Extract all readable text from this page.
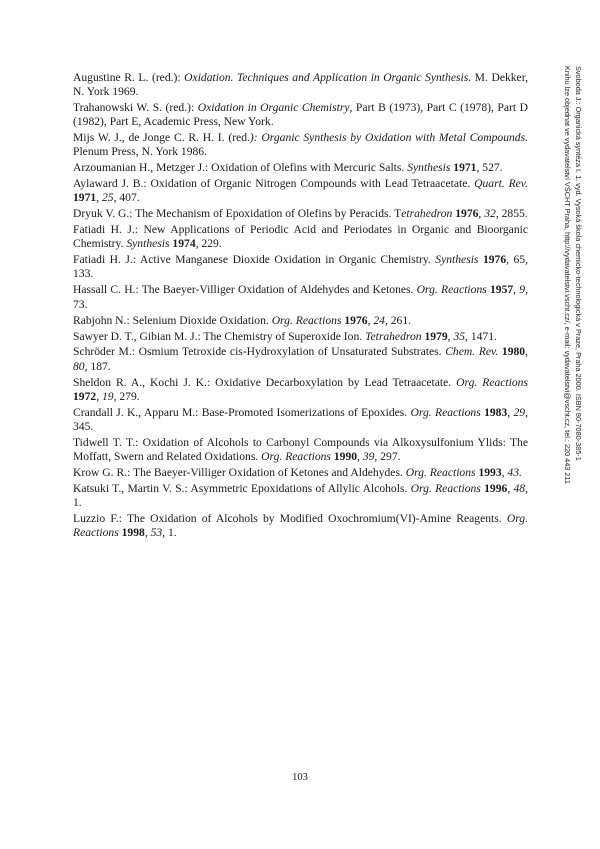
Augustine R. L. (red.): Oxidation. Techniques and Application in Organic Synthesis. M. Dekker, N. York 1969.

Trahanowski W. S. (red.): Oxidation in Organic Chemistry, Part B (1973), Part C (1978), Part D (1982), Part E, Academic Press, New York.

Mijs W. J., de Jonge C. R. H. I. (red.): Organic Synthesis by Oxidation with Metal Compounds. Plenum Press, N. York 1986.

Arzoumanian H., Metzger J.: Oxidation of Olefins with Mercuric Salts. Synthesis 1971, 527.

Aylaward J. B.: Oxidation of Organic Nitrogen Compounds with Lead Tetraacetate. Quart. Rev. 1971, 25, 407.

Dryuk V. G.: The Mechanism of Epoxidation of Olefins by Peracids. Tetrahedron 1976, 32, 2855.

Fatiadi H. J.: New Applications of Periodic Acid and Periodates in Organic and Bioorganic Chemistry. Synthesis 1974, 229.

Fatiadi H. J.: Active Manganese Dioxide Oxidation in Organic Chemistry. Synthesis 1976, 65, 133.

Hassall C. H.: The Baeyer-Villiger Oxidation of Aldehydes and Ketones. Org. Reactions 1957, 9, 73.

Rabjohn N.: Selenium Dioxide Oxidation. Org. Reactions 1976, 24, 261.

Sawyer D. T., Gibian M. J.: The Chemistry of Superoxide Ion. Tetrahedron 1979, 35, 1471.

Schröder M.: Osmium Tetroxide cis-Hydroxylation of Unsaturated Substrates. Chem. Rev. 1980, 80, 187.

Sheldon R. A., Kochi J. K.: Oxidative Decarboxylation by Lead Tetraacetate. Org. Reactions 1972, 19, 279.

Crandall J. K., Apparu M.: Base-Promoted Isomerizations of Epoxides. Org. Reactions 1983, 29, 345.

Tidwell T. T.: Oxidation of Alcohols to Carbonyl Compounds via Alkoxysulfonium Ylids: The Moffatt, Swern and Related Oxidations. Org. Reactions 1990, 39, 297.

Krow G. R.: The Baeyer-Villiger Oxidation of Ketones and Aldehydes. Org. Reactions 1993, 43.

Katsuki T., Martin V. S.: Asymmetric Epoxidations of Allylic Alcohols. Org. Reactions 1996, 48, 1.

Luzzio F.: The Oxidation of Alcohols by Modified Oxochromium(VI)-Amine Reagents. Org. Reactions 1998, 53, 1.

Svoboda J.: Organická syntéza I. 1. vyd. Vysoká škola chemicko-technologická v Praze, Praha 2000. ISBN 80-7080-385-1
Knihu lze objednat ve vydavatelství VŠCHT Praha, http://vydavatelstvi.vscht.cz/, e-mail: vydavatelstvi@vscht.cz, tel.: 220 443 211
103
